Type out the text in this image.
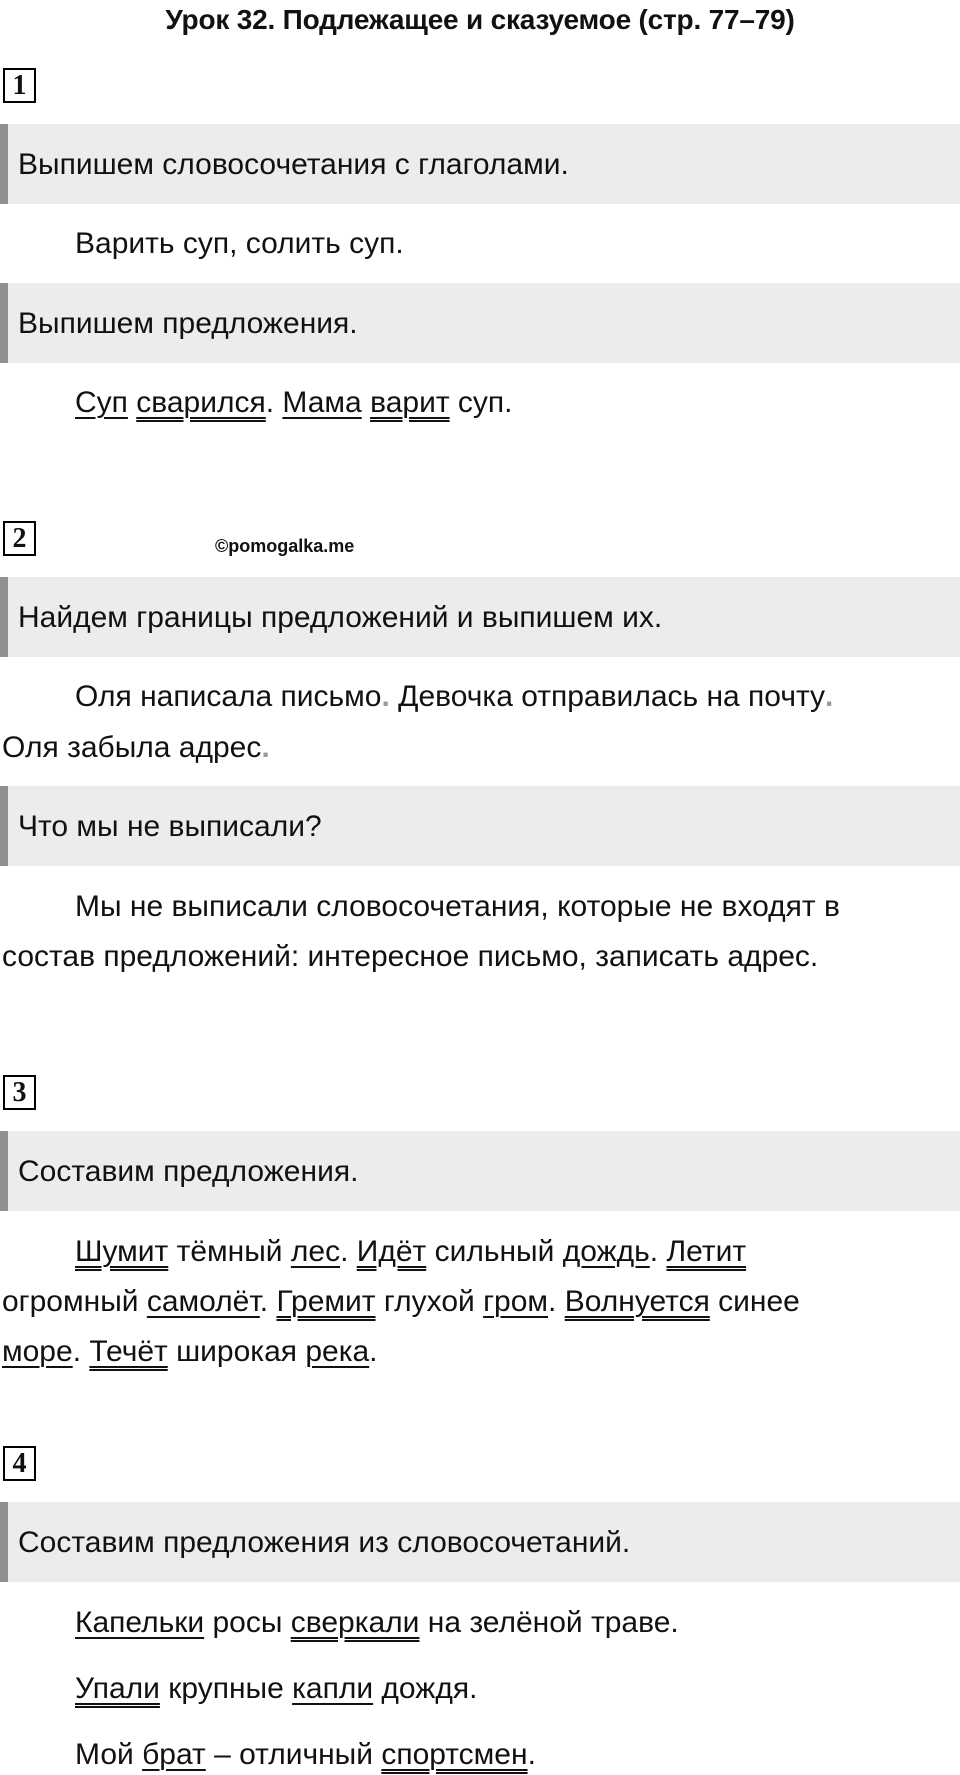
Урок 32. Подлежащее и сказуемое (стр. 77–79)
1
Выпишем словосочетания с глаголами.
Варить суп, солить суп.
Выпишем предложения.
Суп сварился. Мама варит суп.
2	©pomogalka.me
Найдем границы предложений и выпишем их.
Оля написала письмо. Девочка отправилась на почту.
Оля забыла адрес.
Что мы не выписали?
Мы не выписали словосочетания, которые не входят в
состав предложений: интересное письмо, записать адрес.
3
Составим предложения.
Шумит тёмный лес. Идёт сильный дождь. Летит
огромный самолёт. Гремит глухой гром. Волнуется синее
море. Течёт широкая река.
4
Составим предложения из словосочетаний.
Капельки росы сверкали на зелёной траве.
Упали крупные капли дождя.
Мой брат – отличный спортсмен.
